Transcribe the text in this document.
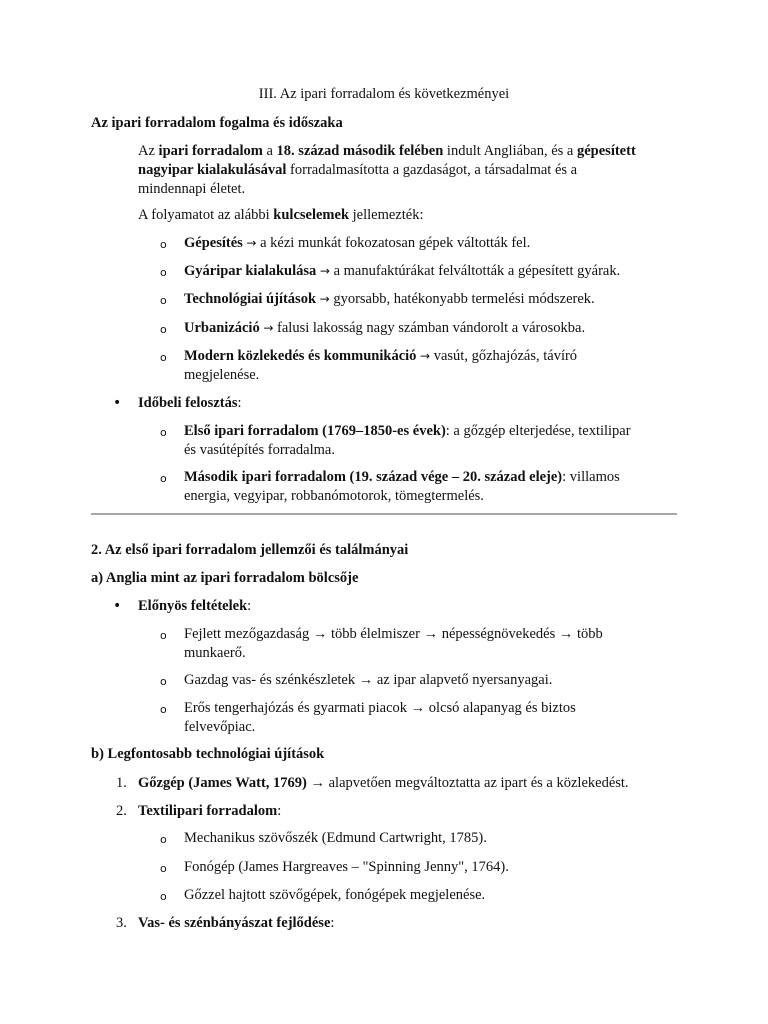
III. Az ipari forradalom és következményei
Az ipari forradalom fogalma és időszaka
Az ipari forradalom a 18. század második felében indult Angliában, és a gépesített
nagyipar kialakulásával forradalmasította a gazdaságot, a társadalmat és a
mindennapi életet.
A folyamatot az alábbi kulcselemek jellemezték:
o Gépesítés → a kézi munkát fokozatosan gépek váltották fel.
o Gyáripar kialakulása → a manufaktúrákat felváltották a gépesített gyárak.
o Technológiai újítások → gyorsabb, hatékonyabb termelési módszerek.
o Urbanizáció → falusi lakosság nagy számban vándorolt a városokba.
o Modern közlekedés és kommunikáció → vasút, gőzhajózás, távíró
megjelenése.
• Időbeli felosztás:
o Első ipari forradalom (1769–1850-es évek): a gőzgép elterjedése, textilipar
és vasútépítés forradalma.
o Második ipari forradalom (19. század vége – 20. század eleje): villamos
energia, vegyipar, robbanómotorok, tömegtermelés.
2. Az első ipari forradalom jellemzői és találmányai
a) Anglia mint az ipari forradalom bölcsője
• Előnyös feltételek:
o Fejlett mezőgazdaság → több élelmiszer → népességnövekedés → több
munkaerő.
o Gazdag vas- és szénkészletek → az ipar alapvető nyersanyagai.
o Erős tengerhajózás és gyarmati piacok → olcsó alapanyag és biztos
felvevőpiac.
b) Legfontosabb technológiai újítások
1. Gőzgép (James Watt, 1769) → alapvetően megváltoztatta az ipart és a közlekedést.
2. Textilipari forradalom:
o Mechanikus szövőszék (Edmund Cartwright, 1785).
o Fonógép (James Hargreaves – "Spinning Jenny", 1764).
o Gőzzel hajtott szövőgépek, fonógépek megjelenése.
3. Vas- és szénbányászat fejlődése:
